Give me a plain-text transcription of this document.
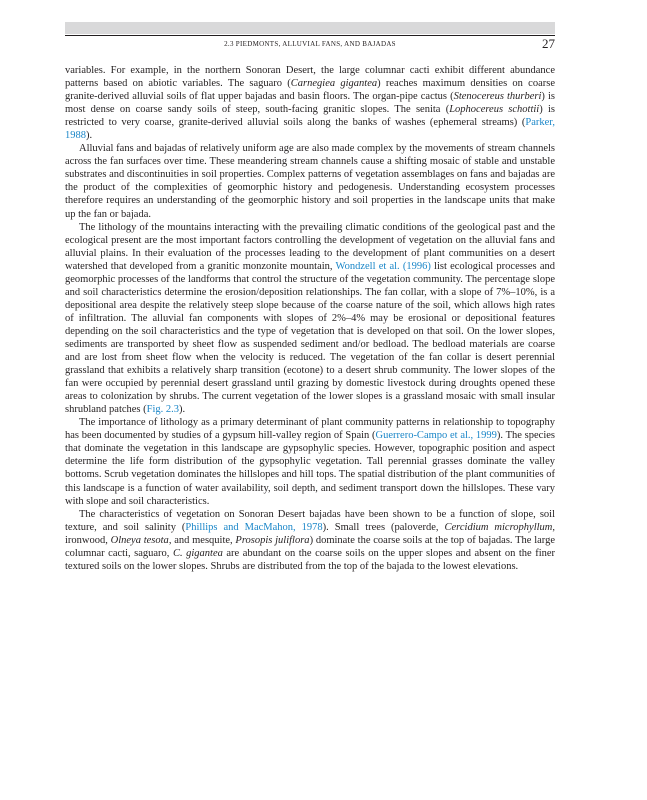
2.3 PIEDMONTS, ALLUVIAL FANS, AND BAJADAS	27

variables. For example, in the northern Sonoran Desert, the large columnar cacti exhibit different abundance patterns based on abiotic variables. The saguaro (Carnegiea gigantea) reaches maximum densities on coarse granite-derived alluvial soils of flat upper bajadas and basin floors. The organ-pipe cactus (Stenocereus thurberi) is most dense on coarse sandy soils of steep, south-facing granitic slopes. The senita (Lophocereus schottii) is restricted to very coarse, granite-derived alluvial soils along the banks of washes (ephemeral streams) (Parker, 1988).

Alluvial fans and bajadas of relatively uniform age are also made complex by the movements of stream channels across the fan surfaces over time. These meandering stream channels cause a shifting mosaic of stable and unstable substrates and discontinuities in soil properties. Complex patterns of vegetation assemblages on fans and bajadas are the product of the complexities of geomorphic history and pedogenesis. Understanding ecosystem processes therefore requires an understanding of the geomorphic history and soil properties in the landscape units that make up the fan or bajada.

The lithology of the mountains interacting with the prevailing climatic conditions of the geological past and the ecological present are the most important factors controlling the development of vegetation on the alluvial fans and alluvial plains. In their evaluation of the processes leading to the development of plant communities on a desert watershed that developed from a granitic monzonite mountain, Wondzell et al. (1996) list ecological processes and geomorphic processes of the landforms that control the structure of the vegetation community. The percentage slope and soil characteristics determine the erosion/deposition relationships. The fan collar, with a slope of 7%–10%, is a depositional area despite the relatively steep slope because of the coarse nature of the soil, which allows high rates of infiltration. The alluvial fan components with slopes of 2%–4% may be erosional or depositional features depending on the soil characteristics and the type of vegetation that is developed on that soil. On the lower slopes, sediments are transported by sheet flow as suspended sediment and/or bedload. The bedload materials are coarse and are lost from sheet flow when the velocity is reduced. The vegetation of the fan collar is desert perennial grassland that exhibits a relatively sharp transition (ecotone) to a desert shrub community. The lower slopes of the fan were occupied by perennial desert grassland until grazing by domestic livestock during droughts opened these areas to colonization by shrubs. The current vegetation of the lower slopes is a grassland mosaic with small insular shrubland patches (Fig. 2.3).

The importance of lithology as a primary determinant of plant community patterns in relationship to topography has been documented by studies of a gypsum hill-valley region of Spain (Guerrero-Campo et al., 1999). The species that dominate the vegetation in this landscape are gypsophylic species. However, topographic position and aspect determine the life form distribution of the gypsophylic vegetation. Tall perennial grasses dominate the valley bottoms. Scrub vegetation dominates the hillslopes and hill tops. The spatial distribution of the plant communities of this landscape is a function of water availability, soil depth, and sediment transport down the hillslopes. These vary with slope and soil characteristics.

The characteristics of vegetation on Sonoran Desert bajadas have been shown to be a function of slope, soil texture, and soil salinity (Phillips and MacMahon, 1978). Small trees (paloverde, Cercidium microphyllum, ironwood, Olneya tesota, and mesquite, Prosopis juliflora) dominate the coarse soils at the top of bajadas. The large columnar cacti, saguaro, C. gigantea are abundant on the coarse soils on the upper slopes and absent on the finer textured soils on the lower slopes. Shrubs are distributed from the top of the bajada to the lowest elevations.
